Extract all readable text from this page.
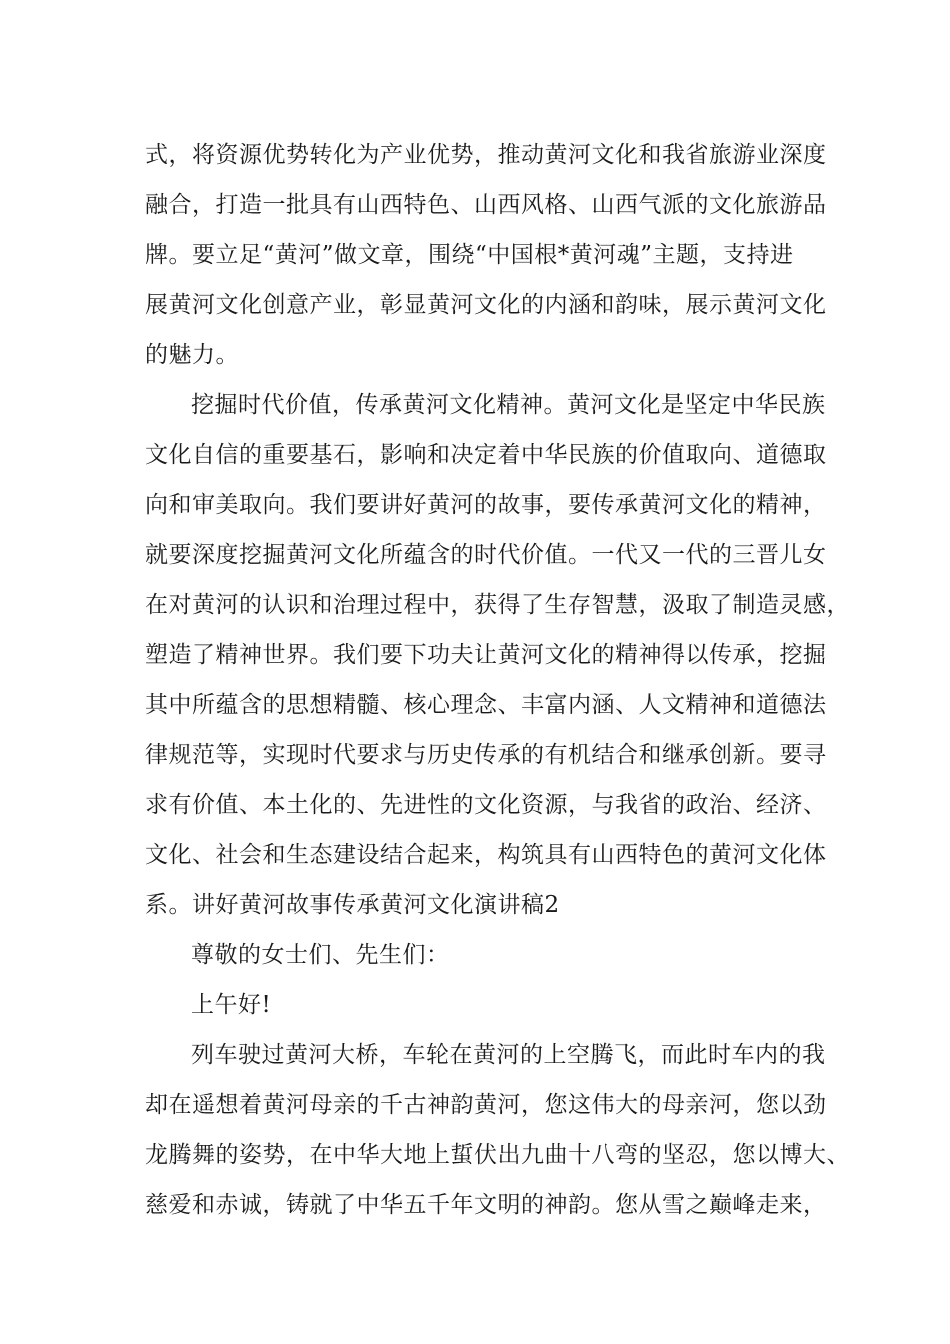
式，将资源优势转化为产业优势，推动黄河文化和我省旅游业深度
融合，打造一批具有山西特色、山西风格、山西气派的文化旅游品
牌。要立足“黄河”做文章，围绕“中国根*黄河魂”主题，支持进
展黄河文化创意产业，彰显黄河文化的内涵和韵味，展示黄河文化
的魅力。
挖掘时代价值，传承黄河文化精神。黄河文化是坚定中华民族
文化自信的重要基石，影响和决定着中华民族的价值取向、道德取
向和审美取向。我们要讲好黄河的故事，要传承黄河文化的精神，
就要深度挖掘黄河文化所蕴含的时代价值。一代又一代的三晋儿女
在对黄河的认识和治理过程中，获得了生存智慧，汲取了制造灵感，
塑造了精神世界。我们要下功夫让黄河文化的精神得以传承，挖掘
其中所蕴含的思想精髓、核心理念、丰富内涵、人文精神和道德法
律规范等，实现时代要求与历史传承的有机结合和继承创新。要寻
求有价值、本土化的、先进性的文化资源，与我省的政治、经济、
文化、社会和生态建设结合起来，构筑具有山西特色的黄河文化体
系。讲好黄河故事传承黄河文化演讲稿2
尊敬的女士们、先生们：
上午好!
列车驶过黄河大桥，车轮在黄河的上空腾飞，而此时车内的我
却在遥想着黄河母亲的千古神韵黄河，您这伟大的母亲河，您以劲
龙腾舞的姿势，在中华大地上蜇伏出九曲十八弯的坚忍，您以博大、
慈爱和赤诚，铸就了中华五千年文明的神韵。您从雪之巅峰走来，
